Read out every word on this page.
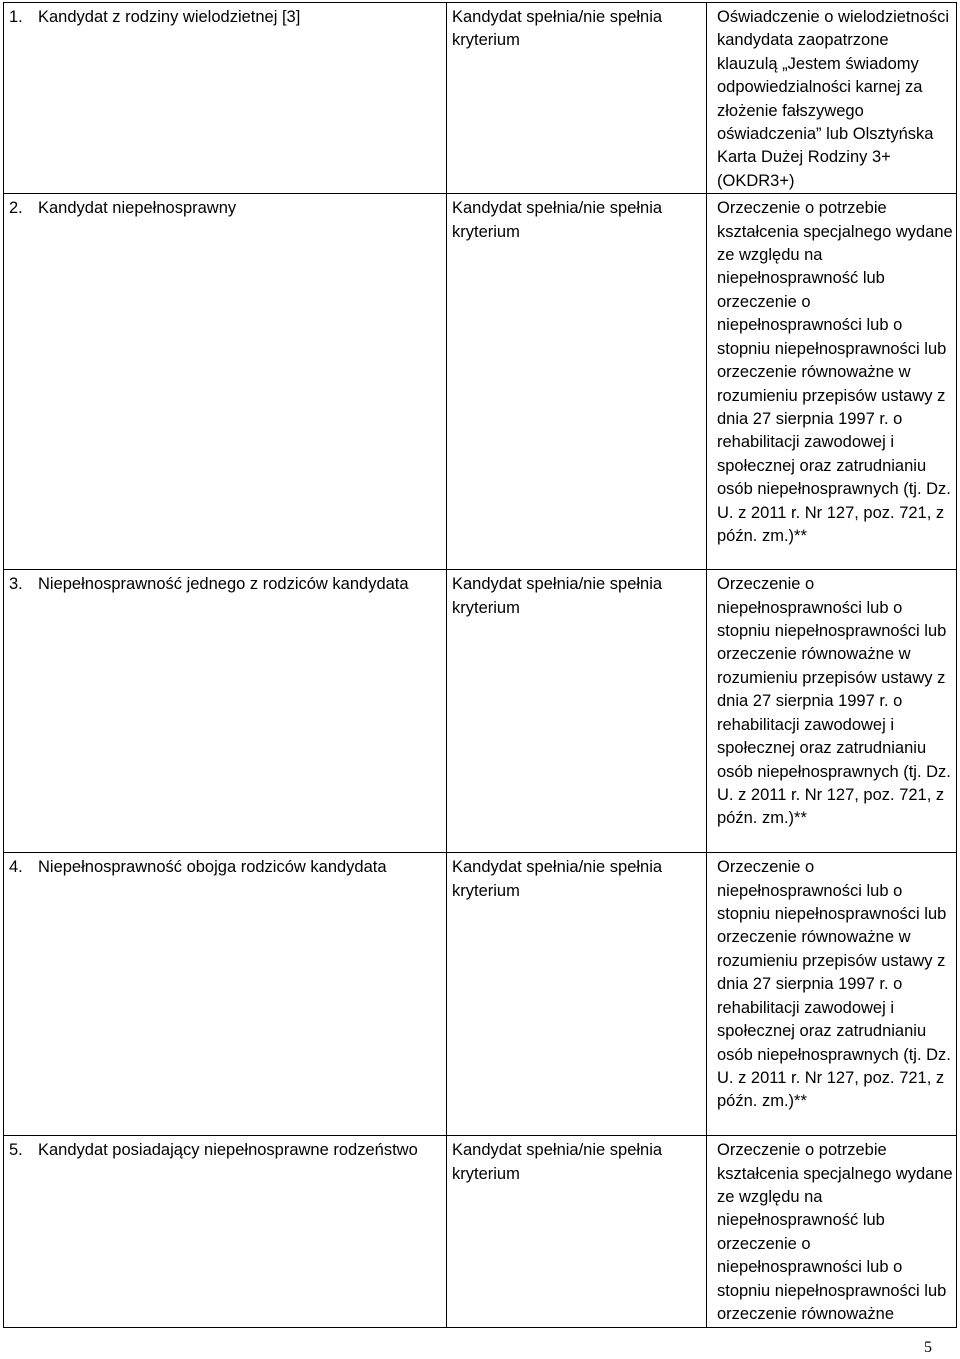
1. Kandydat z rodziny wielodzietnej [3]	Kandydat spełnia/nie spełnia kryterium	Oświadczenie o wielodzietności kandydata zaopatrzone klauzulą „Jestem świadomy odpowiedzialności karnej za złożenie fałszywego oświadczenia” lub Olsztyńska Karta Dużej Rodziny 3+ (OKDR3+)

2. Kandydat niepełnosprawny	Kandydat spełnia/nie spełnia kryterium	Orzeczenie o potrzebie kształcenia specjalnego wydane ze względu na niepełnosprawność lub orzeczenie o niepełnosprawności lub o stopniu niepełnosprawności lub orzeczenie równoważne w rozumieniu przepisów ustawy z dnia 27 sierpnia 1997 r. o rehabilitacji zawodowej i społecznej oraz zatrudnianiu osób niepełnosprawnych (tj. Dz. U. z 2011 r. Nr 127, poz. 721, z późn. zm.)**

3. Niepełnosprawność jednego z rodziców kandydata	Kandydat spełnia/nie spełnia kryterium	Orzeczenie o niepełnosprawności lub o stopniu niepełnosprawności lub orzeczenie równoważne w rozumieniu przepisów ustawy z dnia 27 sierpnia 1997 r. o rehabilitacji zawodowej i społecznej oraz zatrudnianiu osób niepełnosprawnych (tj. Dz. U. z 2011 r. Nr 127, poz. 721, z późn. zm.)**

4. Niepełnosprawność obojga rodziców kandydata	Kandydat spełnia/nie spełnia kryterium	Orzeczenie o niepełnosprawności lub o stopniu niepełnosprawności lub orzeczenie równoważne w rozumieniu przepisów ustawy z dnia 27 sierpnia 1997 r. o rehabilitacji zawodowej i społecznej oraz zatrudnianiu osób niepełnosprawnych (tj. Dz. U. z 2011 r. Nr 127, poz. 721, z późn. zm.)**

5. Kandydat posiadający niepełnosprawne rodzeństwo	Kandydat spełnia/nie spełnia kryterium	Orzeczenie o potrzebie kształcenia specjalnego wydane ze względu na niepełnosprawność lub orzeczenie o niepełnosprawności lub o stopniu niepełnosprawności lub orzeczenie równoważne
5
